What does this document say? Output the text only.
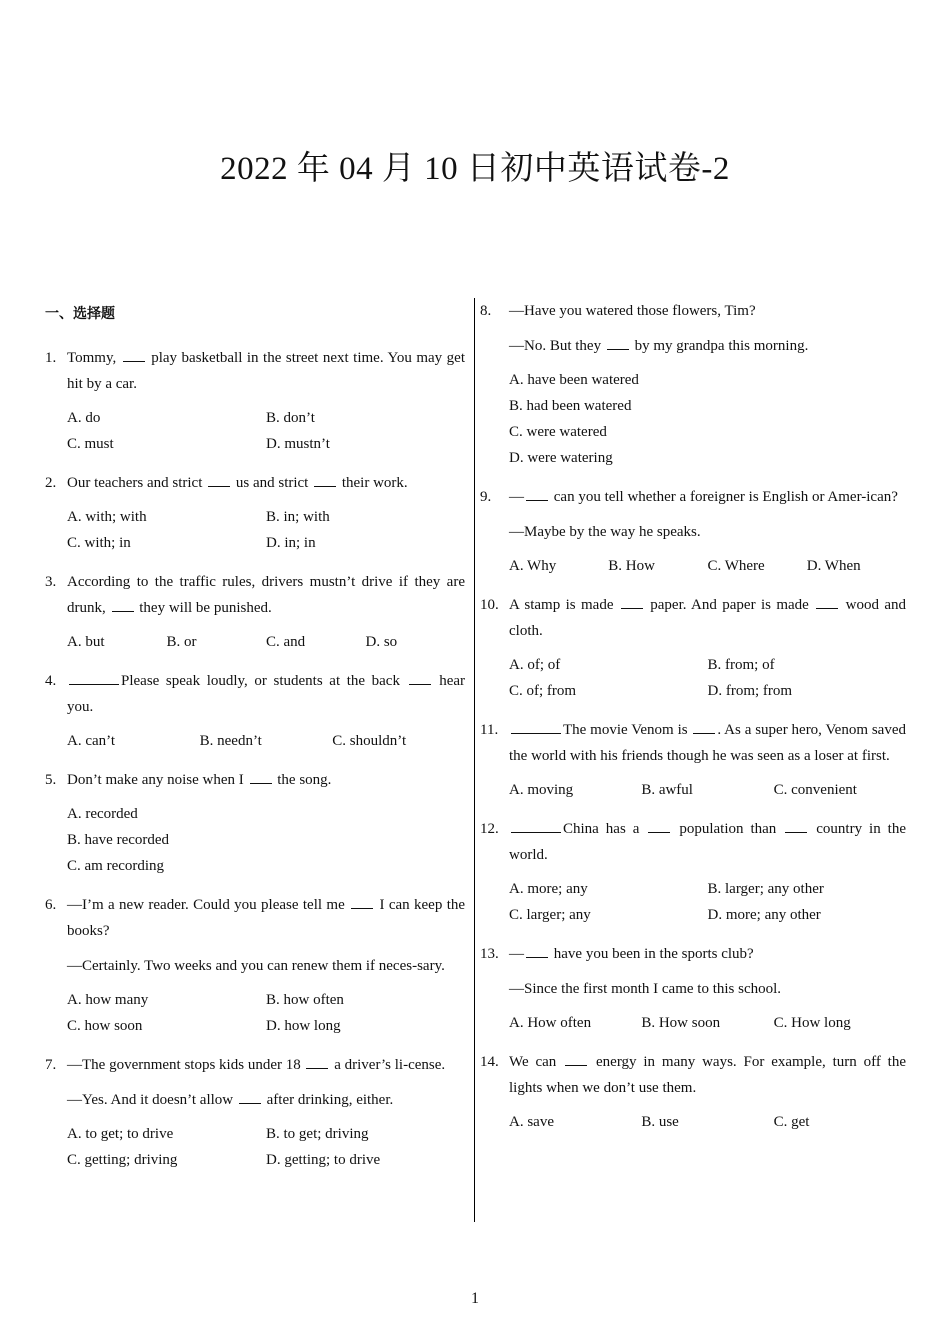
2022 年 04 月 10 日初中英语试卷-2
一、选择题
1. Tommy, play basketball in the street next time. You may get hit by a car.
A. do	B. don’t
C. must	D. mustn’t
2. Our teachers and strict us and strict their work.
A. with; with	B. in; with
C. with; in	D. in; in
3. According to the traffic rules, drivers mustn’t drive if they are drunk, they will be punished.
A. but	B. or	C. and	D. so
4.	Please speak loudly, or students at the back	hear you.
A. can’t	B. needn’t	C. shouldn’t
5. Don’t make any noise when I the song.
A. recorded
B. have recorded
C. am recording
6. —I’m a new reader. Could you please tell me I can keep the books?
—Certainly. Two weeks and you can renew them if neces-sary.
A. how many	B. how often
C. how soon	D. how long
7. —The government stops kids under 18 a driver’s li-cense.
—Yes. And it doesn’t allow after drinking, either.
A. to get; to drive	B. to get; driving
C. getting; driving	D. getting; to drive
8. —Have you watered those flowers, Tim?
—No. But they by my grandpa this morning.
A. have been watered
B. had been watered
C. were watered
D. were watering
9. — can you tell whether a foreigner is English or Amer-ican?
—Maybe by the way he speaks.
A. Why	B. How	C. Where	D. When
10. A stamp is made paper. And paper is made wood and cloth.
A. of; of	B. from; of
C. of; from	D. from; from
11.	The movie Venom is . As a super hero, Venom saved the world with his friends though he was seen as a loser at first.
A. moving	B. awful	C. convenient
12.	China has a	population than	country in the world.
A. more; any	B. larger; any other
C. larger; any	D. more; any other
13. — have you been in the sports club?
—Since the first month I came to this school.
A. How often	B. How soon	C. How long
14. We can	energy in many ways. For example, turn off the lights when we don’t use them.
A. save	B. use	C. get
1
